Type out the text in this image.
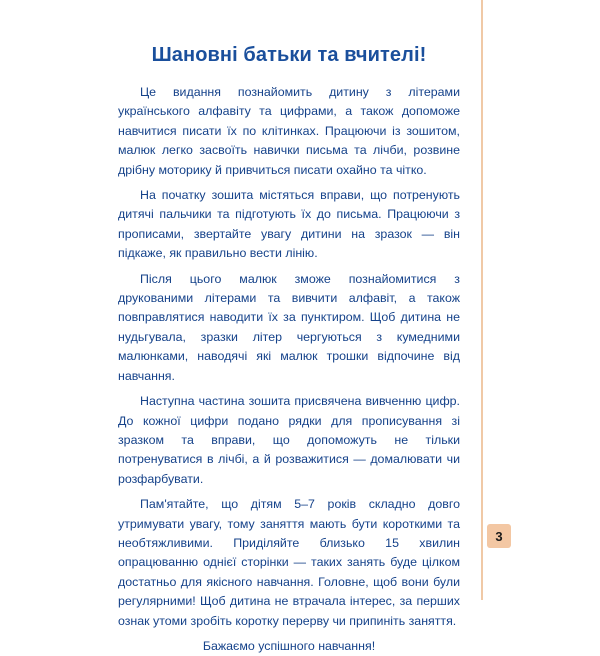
Шановні батьки та вчителі!

Це видання познайомить дитину з літерами українського алфавіту та цифрами, а також допоможе навчитися писати їх по клітинках. Працюючи із зошитом, малюк легко засвоїть навички письма та лічби, розвине дрібну моторику й привчиться писати охайно та чітко.

На початку зошита містяться вправи, що потренують дитячі пальчики та підготують їх до письма. Працюючи з прописами, звертайте увагу дитини на зразок — він підкаже, як правильно вести лінію.

Після цього малюк зможе познайомитися з друкованими літерами та вивчити алфавіт, а також повправлятися наводити їх за пунктиром. Щоб дитина не нудьгувала, зразки літер чергуються з кумедними малюнками, наводячі які малюк трошки відпочине від навчання.

Наступна частина зошита присвячена вивченню цифр. До кожної цифри подано рядки для прописування зі зразком та вправи, що допоможуть не тільки потренуватися в лічбі, а й розважитися — домалювати чи розфарбувати.

Пам'ятайте, що дітям 5–7 років складно довго утримувати увагу, тому заняття мають бути короткими та необтяжливими. Приділяйте близько 15 хвилин опрацюванню однієї сторінки — таких занять буде цілком достатньо для якісного навчання. Головне, щоб вони були регулярними! Щоб дитина не втрачала інтерес, за перших ознак утоми зробіть коротку перерву чи припиніть заняття.

Бажаємо успішного навчання!

3
